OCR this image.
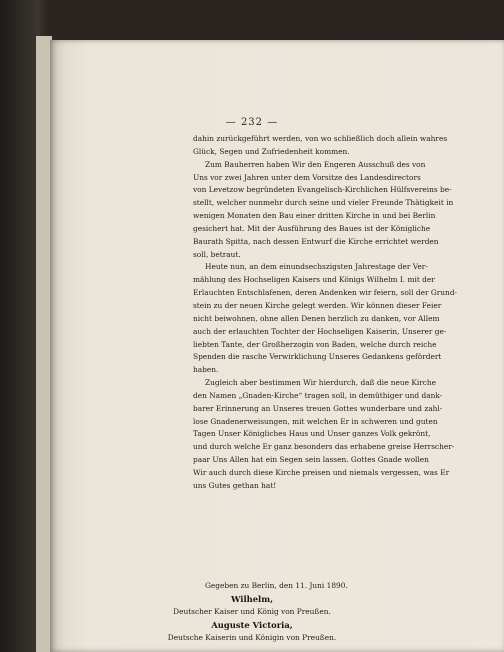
— 232 —
dahin zurückgeführt werden, von wo schließlich doch allein wahres
Glück, Segen und Zufriedenheit kommen.
Zum Bauherren haben Wir den Engeren Ausschuß des von
Uns vor zwei Jahren unter dem Vorsitze des Landesdirectors
von Levetzow begründeten Evangelisch-Kirchlichen Hülfsvereins be-
stellt, welcher nunmehr durch seine und vieler Freunde Thätigkeit in
wenigen Monaten den Bau einer dritten Kirche in und bei Berlin
gesichert hat. Mit der Ausführung des Baues ist der Königliche
Baurath Spitta, nach dessen Entwurf die Kirche errichtet werden
soll, betraut.
Heute nun, an dem einundsechszigsten Jahrestage der Ver-
mählung des Hochseligen Kaisers und Königs Wilhelm I. mit der
Erlauchten Entschlafenen, deren Andenken wir feiern, soll der Grund-
stein zu der neuen Kirche gelegt werden. Wir können dieser Feier
nicht beiwohnen, ohne allen Denen herzlich zu danken, vor Allem
auch der erlauchten Tochter der Hochseligen Kaiserin, Unserer ge-
liebten Tante, der Großherzogin von Baden, welche durch reiche
Spenden die rasche Verwirklichung Unseres Gedankens gefördert
haben.
Zugleich aber bestimmen Wir hierdurch, daß die neue Kirche
den Namen „Gnaden-Kirche“ tragen soll, in demüthiger und dank-
barer Erinnerung an Unseres treuen Gottes wunderbare und zahl-
lose Gnadenerweisungen, mit welchen Er in schweren und guten
Tagen Unser Königliches Haus und Unser ganzes Volk gekrönt,
und durch welche Er ganz besonders das erhabene greise Herrscher-
paar Uns Allen hat ein Segen sein lassen. Gottes Gnade wollen
Wir auch durch diese Kirche preisen und niemals vergessen, was Er
uns Gutes gethan hat!
Gegeben zu Berlin, den 11. Juni 1890.
Wilhelm,
Deutscher Kaiser und König von Preußen.
Auguste Victoria,
Deutsche Kaiserin und Königin von Preußen.
